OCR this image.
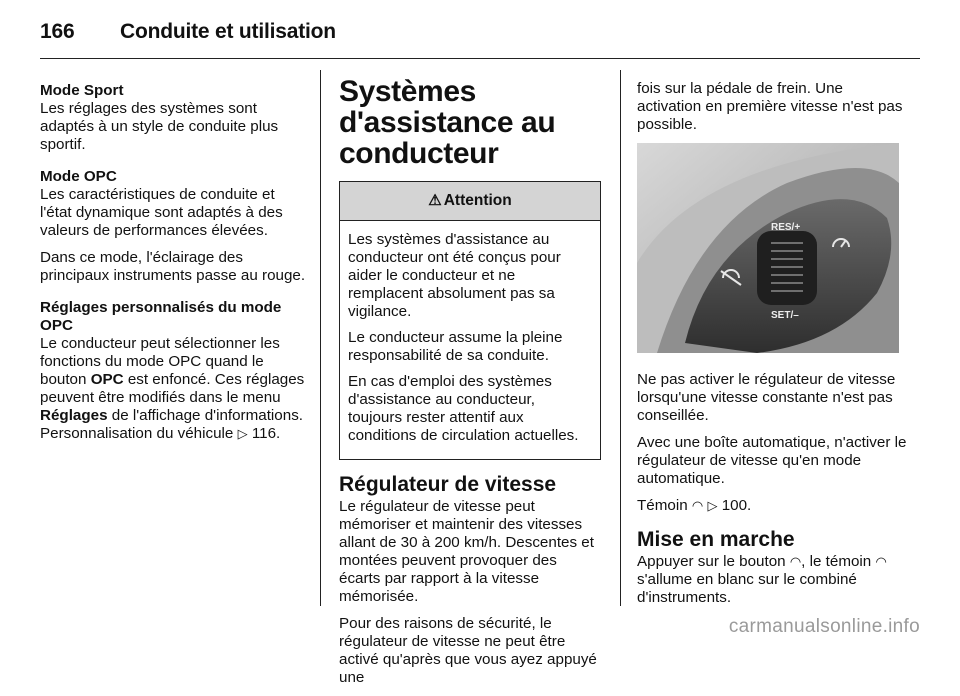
166 Conduite et utilisation

Mode Sport
Les réglages des systèmes sont adaptés à un style de conduite plus sportif.

Mode OPC
Les caractéristiques de conduite et l'état dynamique sont adaptés à des valeurs de performances élevées.

Dans ce mode, l'éclairage des principaux instruments passe au rouge.

Réglages personnalisés du mode OPC
Le conducteur peut sélectionner les fonctions du mode OPC quand le bouton OPC est enfoncé. Ces réglages peuvent être modifiés dans le menu Réglages de l'affichage d'informations. Personnalisation du véhicule ▷ 116.

Systèmes d'assistance au conducteur
⚠ Attention

Les systèmes d'assistance au conducteur ont été conçus pour aider le conducteur et ne remplacent absolument pas sa vigilance.

Le conducteur assume la pleine responsabilité de sa conduite.

En cas d'emploi des systèmes d'assistance au conducteur, toujours rester attentif aux conditions de circulation actuelles.

Régulateur de vitesse

Le régulateur de vitesse peut mémoriser et maintenir des vitesses allant de 30 à 200 km/h. Descentes et montées peuvent provoquer des écarts par rapport à la vitesse mémorisée.

Pour des raisons de sécurité, le régulateur de vitesse ne peut être activé qu'après que vous ayez appuyé une

fois sur la pédale de frein. Une activation en première vitesse n'est pas possible.

RES/+
SET/–

Ne pas activer le régulateur de vitesse lorsqu'une vitesse constante n'est pas conseillée.

Avec une boîte automatique, n'activer le régulateur de vitesse qu'en mode automatique.

Témoin ◠ ▷ 100.

Mise en marche

Appuyer sur le bouton ◠, le témoin ◠ s'allume en blanc sur le combiné d'instruments.

carmanualsonline.info
